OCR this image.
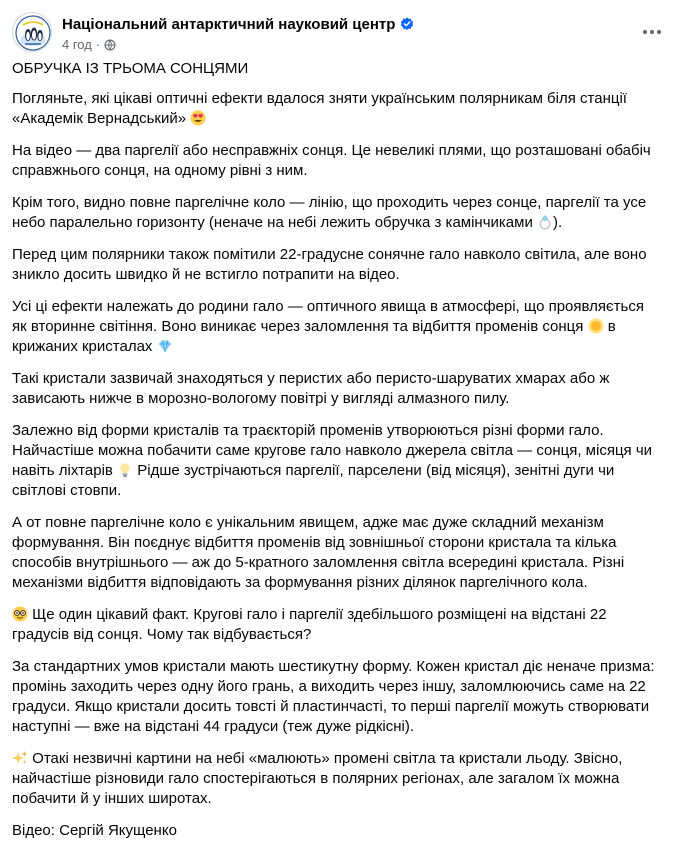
Національний антарктичний науковий центр
4 год ·

ОБРУЧКА ІЗ ТРЬОМА СОНЦЯМИ

Погляньте, які цікаві оптичні ефекти вдалося зняти українським полярникам біля станції «Академік Вернадський»

На відео — два паргелії або несправжніх сонця. Це невеликі плями, що розташовані обабіч справжнього сонця, на одному рівні з ним.

Крім того, видно повне паргелічне коло — лінію, що проходить через сонце, паргелії та усе небо паралельно горизонту (неначе на небі лежить обручка з камінчиками ).

Перед цим полярники також помітили 22-градусне сонячне гало навколо світила, але воно зникло досить швидко й не встигло потрапити на відео.

Усі ці ефекти належать до родини гало — оптичного явища в атмосфері, що проявляється як вторинне світіння. Воно виникає через заломлення та відбиття променів сонця в крижаних кристалах

Такі кристали зазвичай знаходяться у перистих або перисто-шаруватих хмарах або ж зависають нижче в морозно-вологому повітрі у вигляді алмазного пилу.

Залежно від форми кристалів та траєкторій променів утворюються різні форми гало. Найчастіше можна побачити саме кругове гало навколо джерела світла — сонця, місяця чи навіть ліхтарів Рідше зустрічаються паргелії, парселени (від місяця), зенітні дуги чи світлові стовпи.

А от повне паргелічне коло є унікальним явищем, адже має дуже складний механізм формування. Він поєднує відбиття променів від зовнішньої сторони кристала та кілька способів внутрішнього — аж до 5-кратного заломлення світла всередині кристала. Різні механізми відбиття відповідають за формування різних ділянок паргелічного кола.

Ще один цікавий факт. Кругові гало і паргелії здебільшого розміщені на відстані 22 градусів від сонця. Чому так відбувається?

За стандартних умов кристали мають шестикутну форму. Кожен кристал діє неначе призма: промінь заходить через одну його грань, а виходить через іншу, заломлюючись саме на 22 градуси. Якщо кристали досить товсті й пластинчасті, то перші паргелії можуть створювати наступні — вже на відстані 44 градуси (теж дуже рідкісні).

Отакі незвичні картини на небі «малюють» промені світла та кристали льоду. Звісно, найчастіше різновиди гало спостерігаються в полярних регіонах, але загалом їх можна побачити й у інших широтах.

Відео: Сергій Якущенко
